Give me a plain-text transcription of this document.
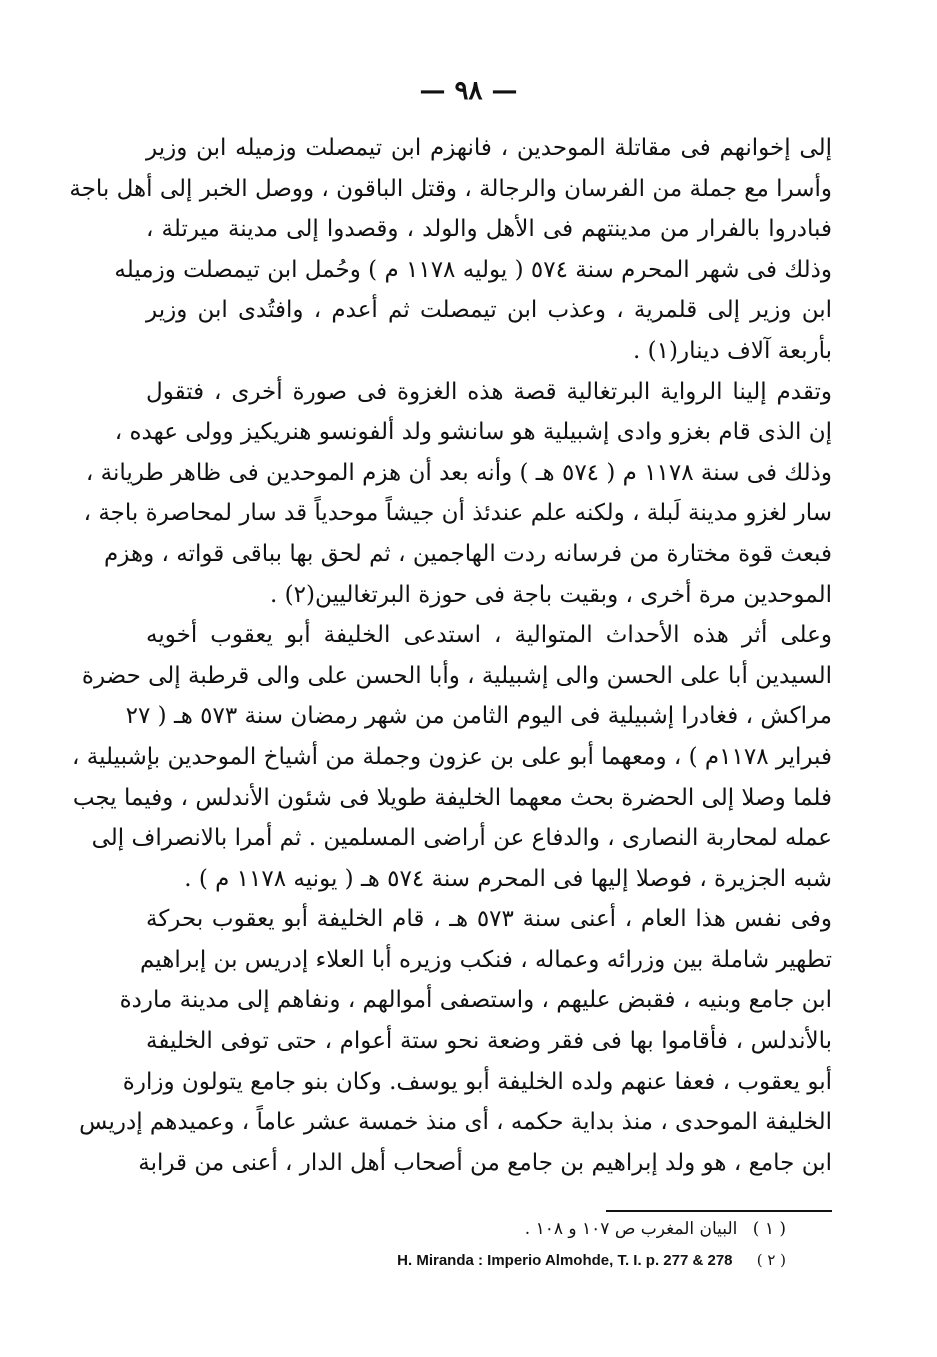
— ٩٨ —
إلى إخوانهم فى مقاتلة الموحدين ، فانهزم ابن تيمصلت وزميله ابن وزير
وأسرا مع جملة من الفرسان والرجالة ، وقتل الباقون ، ووصل الخبر إلى أهل باجة
فبادروا بالفرار من مدينتهم فى الأهل والولد ، وقصدوا إلى مدينة ميرتلة ،
وذلك فى شهر المحرم سنة ٥٧٤ ( يوليه ١١٧٨ م ) وحُمل ابن تيمصلت وزميله
ابن وزير إلى قلمرية ، وعذب ابن تيمصلت ثم أعدم ، وافتُدى ابن وزير
بأربعة آلاف دينار(١) .
وتقدم إلينا الرواية البرتغالية قصة هذه الغزوة فى صورة أخرى ، فتقول
إن الذى قام بغزو وادى إشبيلية هو سانشو ولد ألفونسو هنريكيز وولى عهده ،
وذلك فى سنة ١١٧٨ م ( ٥٧٤ هـ ) وأنه بعد أن هزم الموحدين فى ظاهر طريانة ،
سار لغزو مدينة لَبلة ، ولكنه علم عندئذ أن جيشاً موحدياً قد سار لمحاصرة باجة ،
فبعث قوة مختارة من فرسانه ردت الهاجمين ، ثم لحق بها بباقى قواته ، وهزم
الموحدين مرة أخرى ، وبقيت باجة فى حوزة البرتغاليين(٢) .
وعلى أثر هذه الأحداث المتوالية ، استدعى الخليفة أبو يعقوب أخويه
السيدين أبا على الحسن والى إشبيلية ، وأبا الحسن على والى قرطبة إلى حضرة
مراكش ، فغادرا إشبيلية فى اليوم الثامن من شهر رمضان سنة ٥٧٣ هـ ( ٢٧
فبراير ١١٧٨م ) ، ومعهما أبو على بن عزون وجملة من أشياخ الموحدين بإشبيلية ،
فلما وصلا إلى الحضرة بحث معهما الخليفة طويلا فى شئون الأندلس ، وفيما يجب
عمله لمحاربة النصارى ، والدفاع عن أراضى المسلمين . ثم أمرا بالانصراف إلى
شبه الجزيرة ، فوصلا إليها فى المحرم سنة ٥٧٤ هـ ( يونيه ١١٧٨ م ) .
وفى نفس هذا العام ، أعنى سنة ٥٧٣ هـ ، قام الخليفة أبو يعقوب بحركة
تطهير شاملة بين وزرائه وعماله ، فنكب وزيره أبا العلاء إدريس بن إبراهيم
ابن جامع وبنيه ، فقبض عليهم ، واستصفى أموالهم ، ونفاهم إلى مدينة ماردة
بالأندلس ، فأقاموا بها فى فقر وضعة نحو ستة أعوام ، حتى توفى الخليفة
أبو يعقوب ، فعفا عنهم ولده الخليفة أبو يوسف. وكان بنو جامع يتولون وزارة
الخليفة الموحدى ، منذ بداية حكمه ، أى منذ خمسة عشر عاماً ، وعميدهم إدريس
ابن جامع ، هو ولد إبراهيم بن جامع من أصحاب أهل الدار ، أعنى من قرابة
( ١ ) البيان المغرب ص ١٠٧ و ١٠٨ .
H. Miranda : Imperio Almohde, T. I. p. 277 & 278 ( ٢ )
